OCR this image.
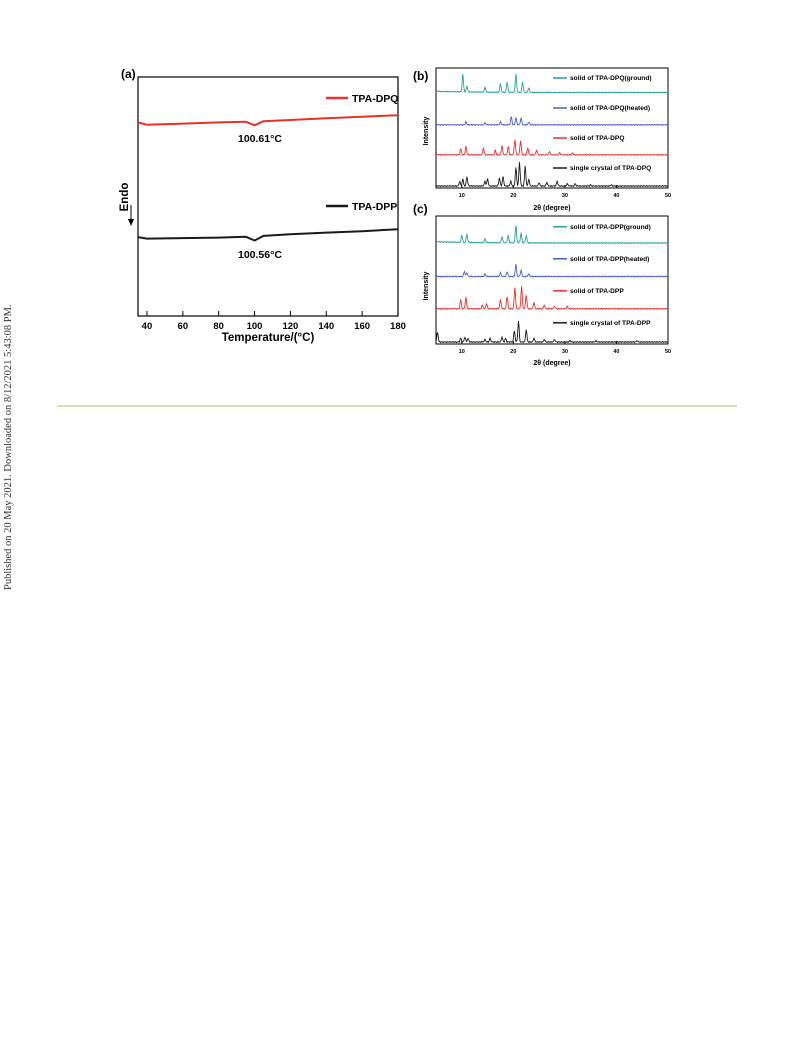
Published on 20 May 2021. Downloaded on 8/12/2021 5:43:08 PM.
(a)
40	60	80 100 120 140 160 180
Temperature/(°C)
Endo
TPA-DPQ
TPA-DPP
100.61°C
100.56°C
(b)
10	20	30	40	50
2θ (degree)
Intensity
solid of TPA-DPQ(ground)
solid of TPA-DPQ(heated)
solid of TPA-DPQ
single crystal of TPA-DPQ
(c)
10	20	30	40	50
2θ (degree)
Intensity
solid of TPA-DPP(ground)
solid of TPA-DPP(heated)
solid of TPA-DPP
single crystal of TPA-DPP
